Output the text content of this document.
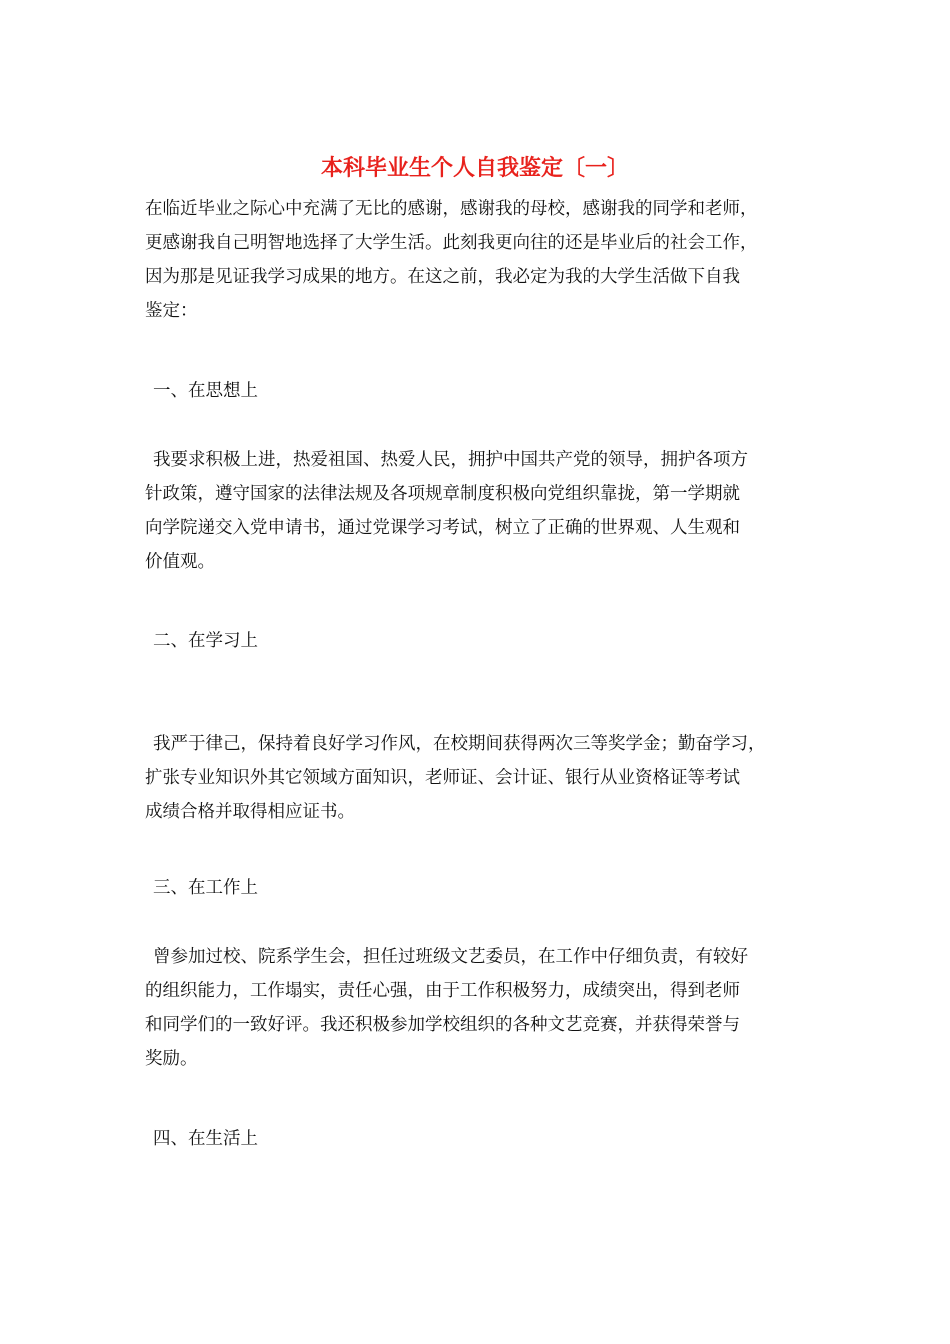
本科毕业生个人自我鉴定〔一〕
在临近毕业之际心中充满了无比的感谢，感谢我的母校，感谢我的同学和老师，
更感谢我自己明智地选择了大学生活。此刻我更向往的还是毕业后的社会工作，
因为那是见证我学习成果的地方。在这之前，我必定为我的大学生活做下自我
鉴定：
一、在思想上
我要求积极上进，热爱祖国、热爱人民，拥护中国共产党的领导，拥护各项方
针政策，遵守国家的法律法规及各项规章制度积极向党组织靠拢，第一学期就
向学院递交入党申请书，通过党课学习考试，树立了正确的世界观、人生观和
价值观。
二、在学习上
我严于律己，保持着良好学习作风，在校期间获得两次三等奖学金；勤奋学习，
扩张专业知识外其它领域方面知识，老师证、会计证、银行从业资格证等考试
成绩合格并取得相应证书。
三、在工作上
曾参加过校、院系学生会，担任过班级文艺委员，在工作中仔细负责，有较好
的组织能力，工作塌实，责任心强，由于工作积极努力，成绩突出，得到老师
和同学们的一致好评。我还积极参加学校组织的各种文艺竞赛，并获得荣誉与
奖励。
四、在生活上
